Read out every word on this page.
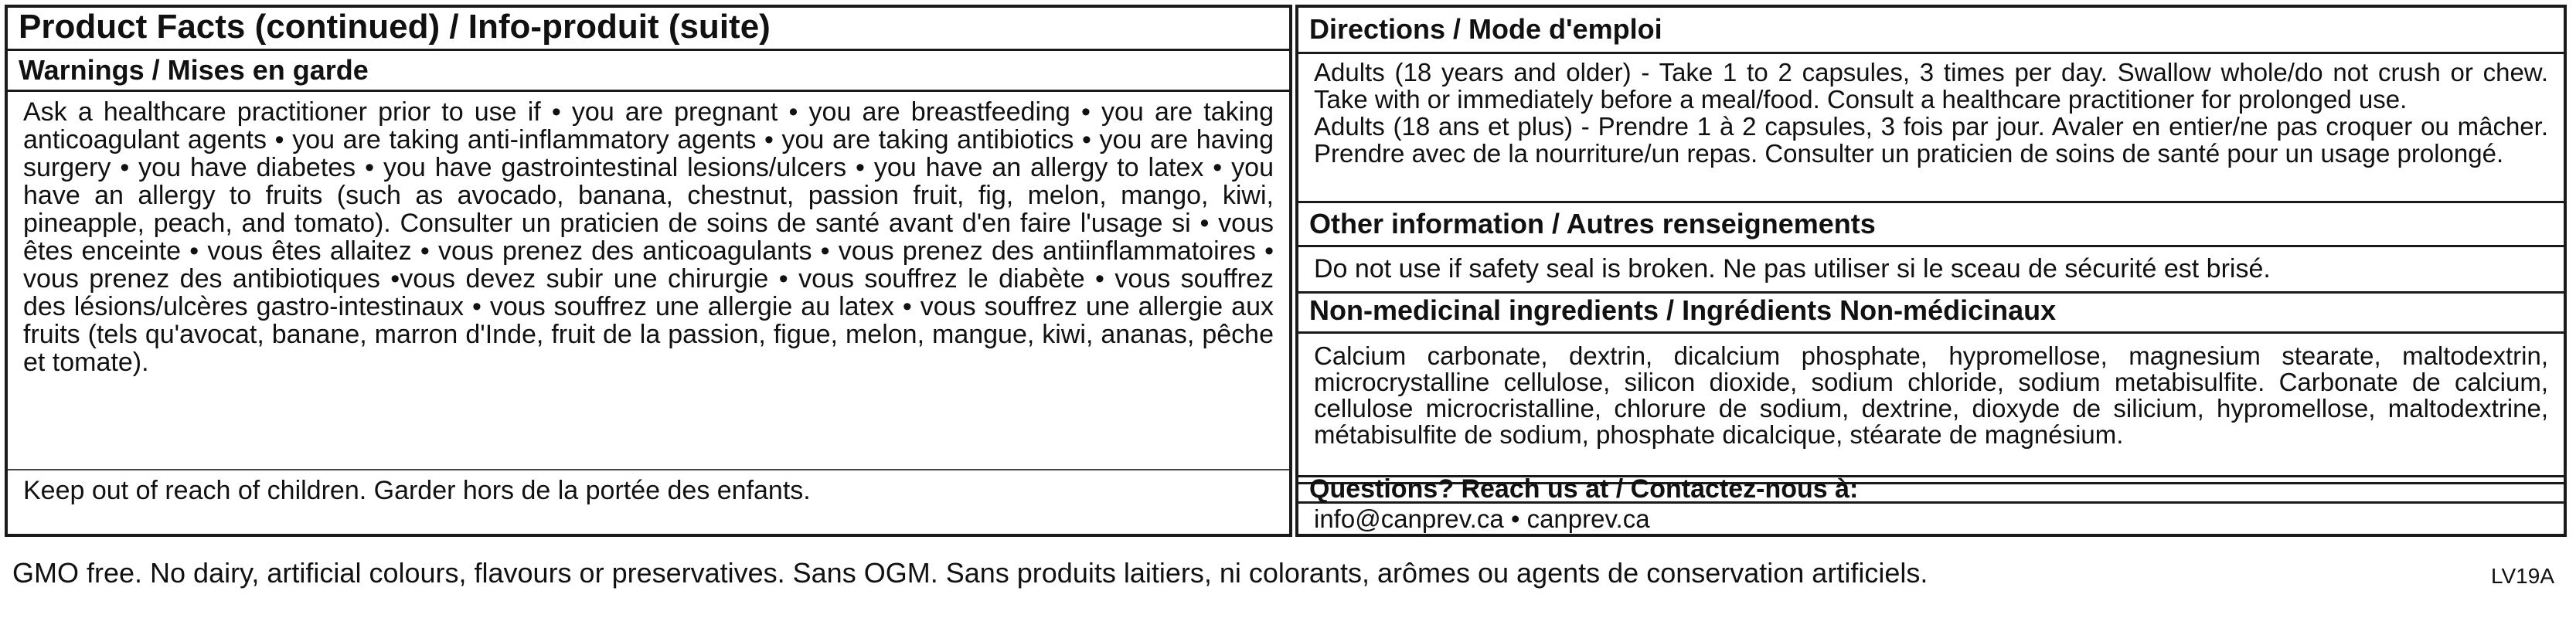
Product Facts (continued) / Info-produit (suite)
Warnings / Mises en garde
Ask a healthcare practitioner prior to use if • you are pregnant • you are breastfeeding • you are taking anticoagulant agents • you are taking anti-inflammatory agents • you are taking antibiotics • you are having surgery • you have diabetes • you have gastrointestinal lesions/ulcers • you have an allergy to latex • you have an allergy to fruits (such as avocado, banana, chestnut, passion fruit, fig, melon, mango, kiwi, pineapple, peach, and tomato). Consulter un praticien de soins de santé avant d'en faire l'usage si • vous êtes enceinte • vous êtes allaitez • vous prenez des anticoagulants • vous prenez des antiinflammatoires • vous prenez des antibiotiques •vous devez subir une chirurgie • vous souffrez le diabète • vous souffrez des lésions/ulcères gastro-intestinaux • vous souffrez une allergie au latex • vous souffrez une allergie aux fruits (tels qu'avocat, banane, marron d'Inde, fruit de la passion, figue, melon, mangue, kiwi, ananas, pêche et tomate).
Keep out of reach of children. Garder hors de la portée des enfants.
Directions / Mode d'emploi

Adults (18 years and older) - Take 1 to 2 capsules, 3 times per day. Swallow whole/do not crush or chew. Take with or immediately before a meal/food. Consult a healthcare practitioner for prolonged use.

Adults (18 ans et plus) - Prendre 1 à 2 capsules, 3 fois par jour. Avaler en entier/ne pas croquer ou mâcher. Prendre avec de la nourriture/un repas. Consulter un praticien de soins de santé pour un usage prolongé.

Other information / Autres renseignements
Do not use if safety seal is broken. Ne pas utiliser si le sceau de sécurité est brisé.
Non-medicinal ingredients / Ingrédients Non-médicinaux
Calcium carbonate, dextrin, dicalcium phosphate, hypromellose, magnesium stearate, maltodextrin, microcrystalline cellulose, silicon dioxide, sodium chloride, sodium metabisulfite. Carbonate de calcium, cellulose microcristalline, chlorure de sodium, dextrine, dioxyde de silicium, hypromellose, maltodextrine, métabisulfite de sodium, phosphate dicalcique, stéarate de magnésium.
Questions? Reach us at / Contactez-nous à:
info@canprev.ca • canprev.ca
GMO free. No dairy, artificial colours, flavours or preservatives. Sans OGM. Sans produits laitiers, ni colorants, arômes ou agents de conservation artificiels.	LV19A
